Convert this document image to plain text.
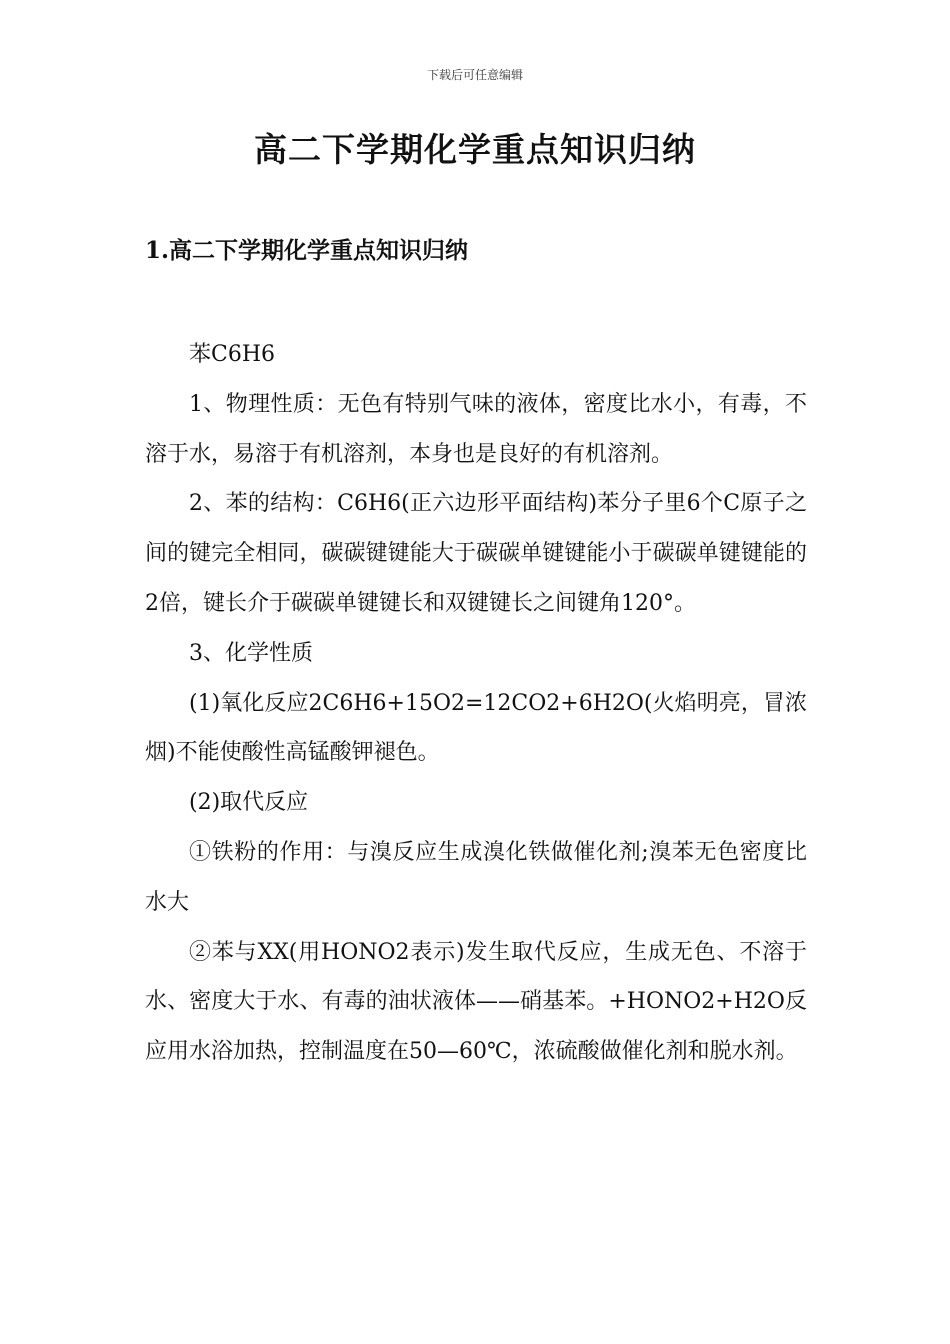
下载后可任意编辑
高二下学期化学重点知识归纳
1.高二下学期化学重点知识归纳

苯C6H6

1、物理性质：无色有特别气味的液体，密度比水小，有毒，不溶于水，易溶于有机溶剂，本身也是良好的有机溶剂。

2、苯的结构：C6H6(正六边形平面结构)苯分子里6个C原子之间的键完全相同，碳碳键键能大于碳碳单键键能小于碳碳单键键能的2倍，键长介于碳碳单键键长和双键键长之间键角120°。

3、化学性质

(1)氧化反应2C6H6+15O2=12CO2+6H2O(火焰明亮，冒浓烟)不能使酸性高锰酸钾褪色。

(2)取代反应

①铁粉的作用：与溴反应生成溴化铁做催化剂;溴苯无色密度比水大

②苯与XX(用HONO2表示)发生取代反应，生成无色、不溶于水、密度大于水、有毒的油状液体——硝基苯。+HONO2+H2O反应用水浴加热，控制温度在50—60℃，浓硫酸做催化剂和脱水剂。
